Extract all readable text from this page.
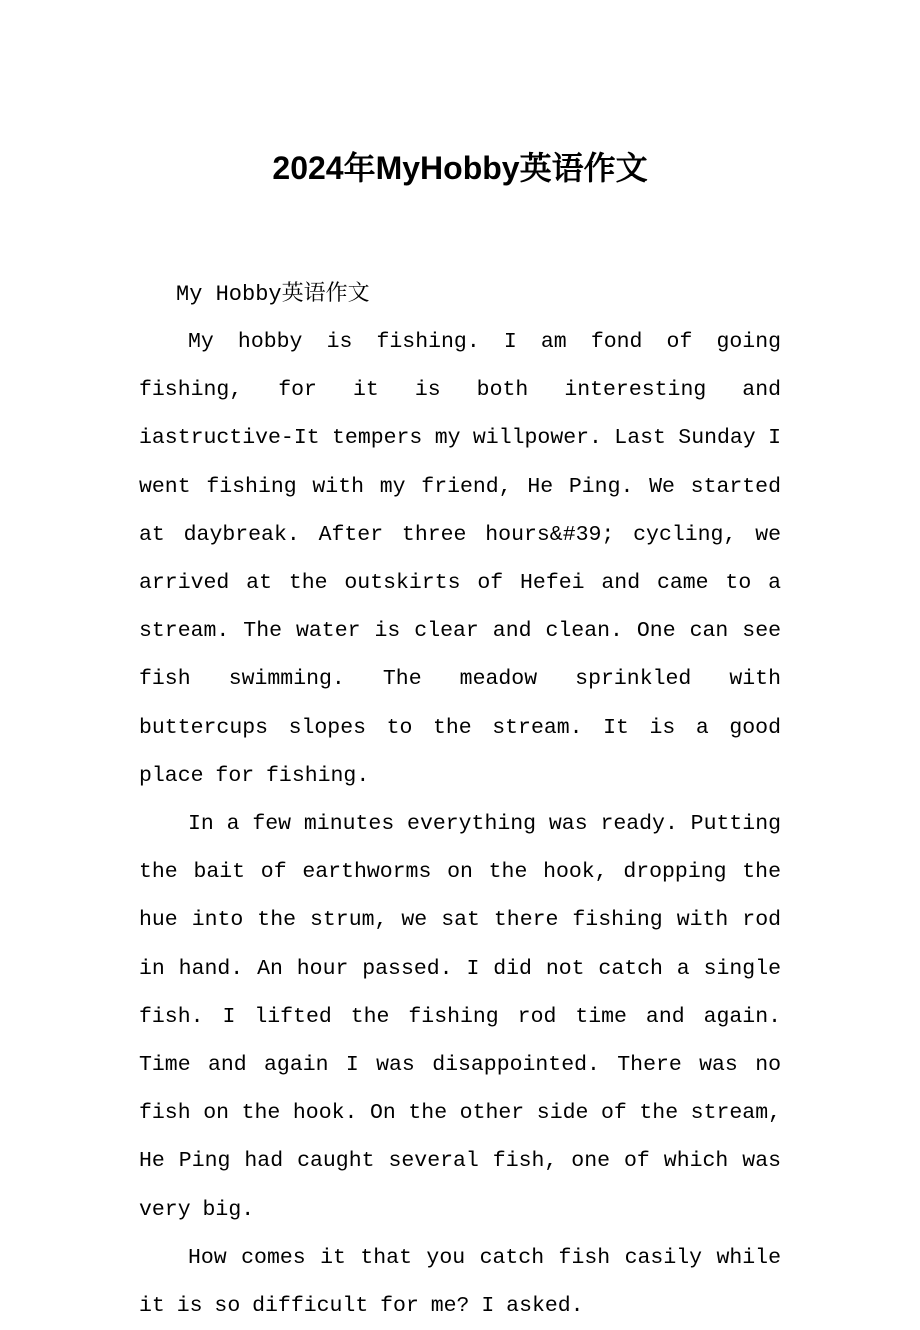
2024年MyHobby英语作文

My Hobby英语作文

My hobby is fishing. I am fond of going fishing, for it is both interesting and iastructive-It tempers my willpower. Last Sunday I went fishing with my friend, He Ping. We started at daybreak. After three hours&#39; cycling, we arrived at the outskirts of Hefei and came to a stream. The water is clear and clean. One can see fish swimming. The meadow sprinkled with buttercups slopes to the stream. It is a good place for fishing.

In a few minutes everything was ready. Putting the bait of earthworms on the hook, dropping the hue into the strum, we sat there fishing with rod in hand. An hour passed. I did not catch a single fish. I lifted the fishing rod time and again. Time and again I was disappointed. There was no fish on the hook. On the other side of the stream, He Ping had caught several fish, one of which was very big.

How comes it that you catch fish casily while it is so difficult for me? I asked.
